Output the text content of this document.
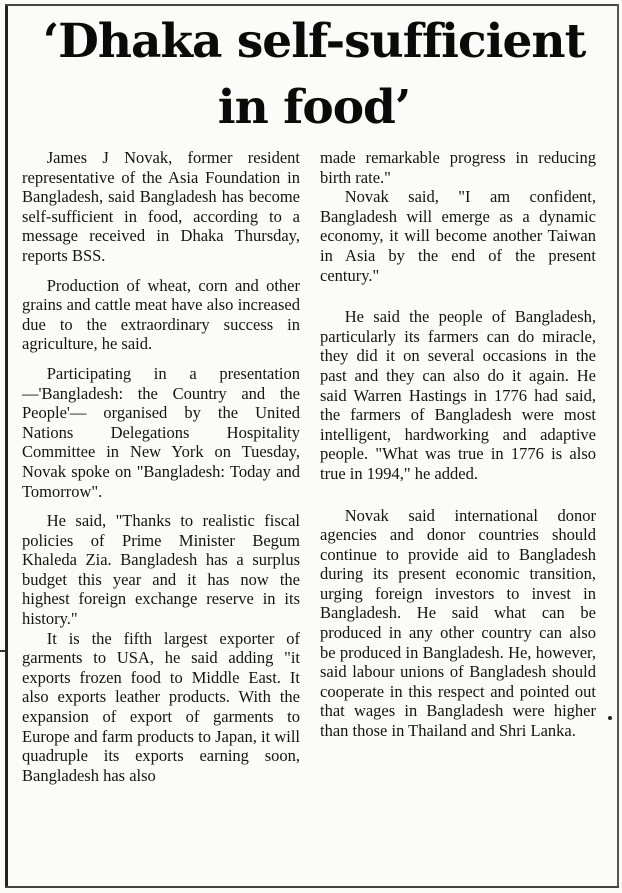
‘Dhaka self-sufficient
in food’

James J Novak, former resident representative of the Asia Foundation in Bangladesh, said Bangladesh has become self-sufficient in food, according to a message received in Dhaka Thursday, reports BSS.

Production of wheat, corn and other grains and cattle meat have also increased due to the extraordinary success in agriculture, he said.

Participating in a presentation—'Bangladesh: the Country and the People'— organised by the United Nations Delegations Hospitality Committee in New York on Tuesday, Novak spoke on "Bangladesh: Today and Tomorrow".

He said, "Thanks to realistic fiscal policies of Prime Minister Begum Khaleda Zia. Bangladesh has a surplus budget this year and it has now the highest foreign exchange reserve in its history."

It is the fifth largest exporter of garments to USA, he said adding "it exports frozen food to Middle East. It also exports leather products. With the expansion of export of garments to Europe and farm products to Japan, it will quadruple its exports earning soon, Bangladesh has also

made remarkable progress in reducing birth rate."

Novak said, "I am confident, Bangladesh will emerge as a dynamic economy, it will become another Taiwan in Asia by the end of the present century."

He said the people of Bangladesh, particularly its farmers can do miracle, they did it on several occasions in the past and they can also do it again. He said Warren Hastings in 1776 had said, the farmers of Bangladesh were most intelligent, hardworking and adaptive people. "What was true in 1776 is also true in 1994," he added.

Novak said international donor agencies and donor countries should continue to provide aid to Bangladesh during its present economic transition, urging foreign investors to invest in Bangladesh. He said what can be produced in any other country can also be produced in Bangladesh. He, however, said labour unions of Bangladesh should cooperate in this respect and pointed out that wages in Bangladesh were higher than those in Thailand and Shri Lanka.
